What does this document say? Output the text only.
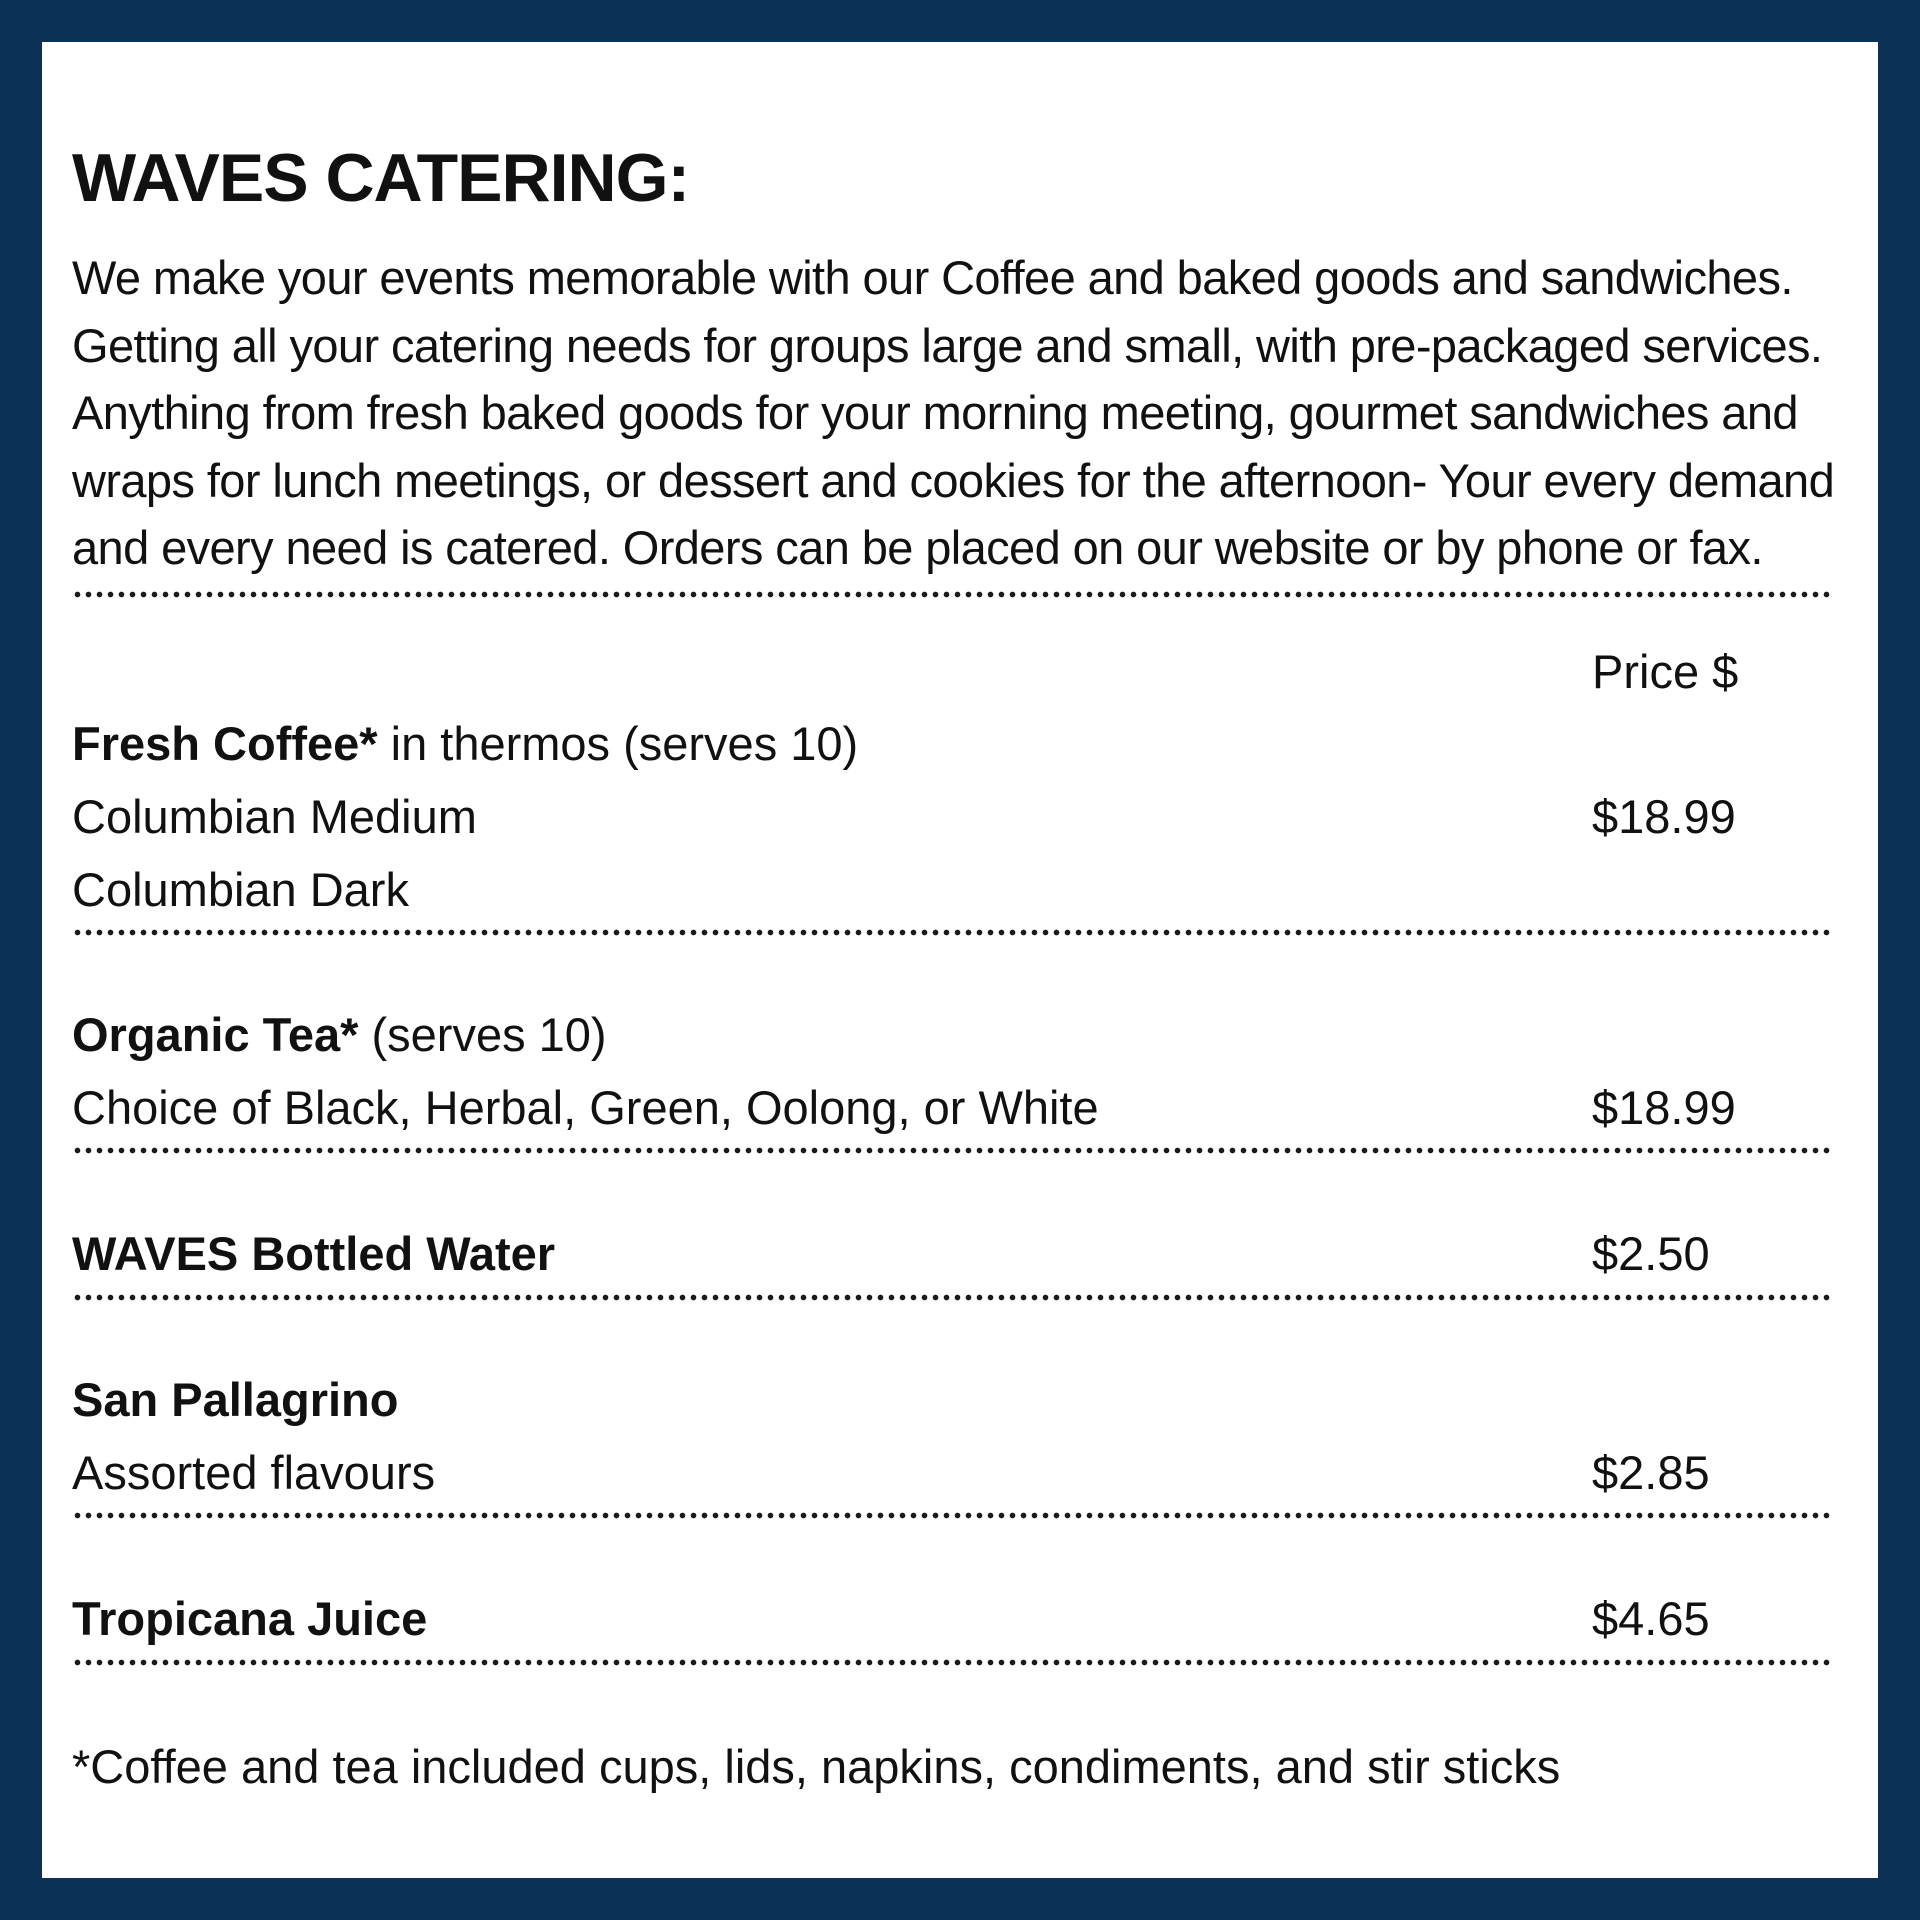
WAVES CATERING:
We make your events memorable with our Coffee and baked goods and sandwiches.
Getting all your catering needs for groups large and small, with pre-packaged services.
Anything from fresh baked goods for your morning meeting, gourmet sandwiches and
wraps for lunch meetings, or dessert and cookies for the afternoon- Your every demand
and every need is catered. Orders can be placed on our website or by phone or fax.
Price $
Fresh Coffee* in thermos (serves 10)
Columbian Medium	$18.99
Columbian Dark
Organic Tea* (serves 10)
Choice of Black, Herbal, Green, Oolong, or White	$18.99
WAVES Bottled Water	$2.50
San Pallagrino
Assorted flavours	$2.85
Tropicana Juice	$4.65
*Coffee and tea included cups, lids, napkins, condiments, and stir sticks
